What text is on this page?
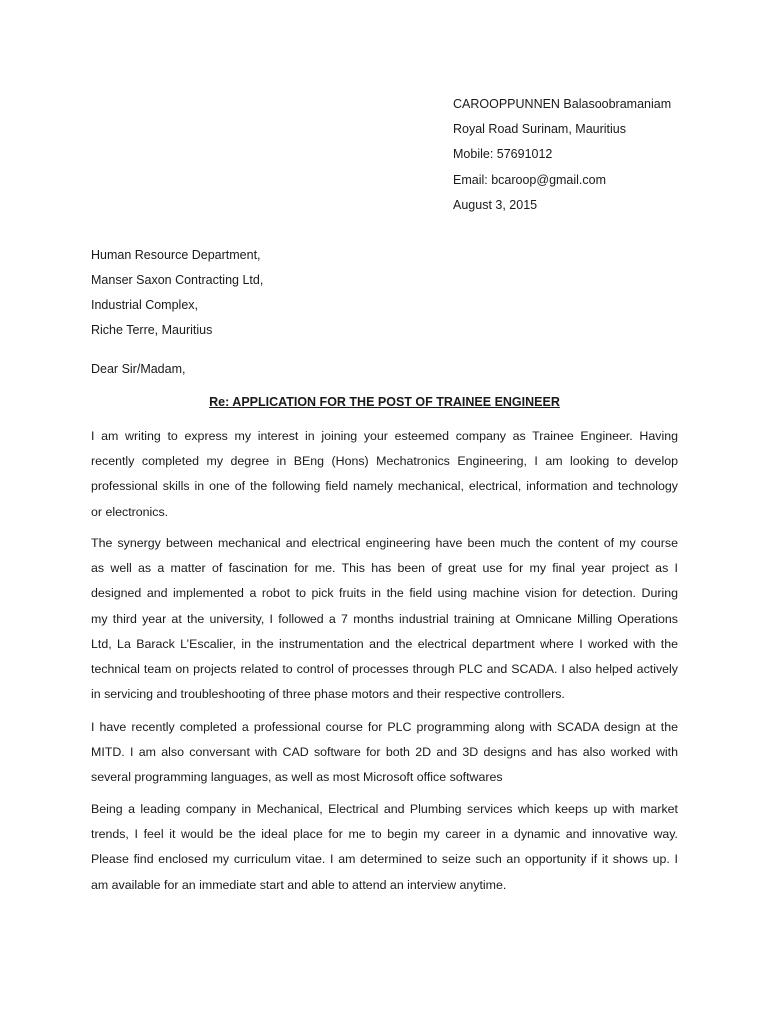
CAROOPPUNNEN Balasoobramaniam
Royal Road Surinam, Mauritius
Mobile: 57691012
Email: bcaroop@gmail.com
August 3, 2015
Human Resource Department,
Manser Saxon Contracting Ltd,
Industrial Complex,
Riche Terre, Mauritius
Dear Sir/Madam,
Re: APPLICATION FOR THE POST OF TRAINEE ENGINEER
I am writing to express my interest in joining your esteemed company as Trainee Engineer. Having
recently completed my degree in BEng (Hons) Mechatronics Engineering, I am looking to develop
professional skills in one of the following field namely mechanical, electrical, information and technology
or electronics.
The synergy between mechanical and electrical engineering have been much the content of my course
as well as a matter of fascination for me. This has been of great use for my final year project as I
designed and implemented a robot to pick fruits in the field using machine vision for detection. During
my third year at the university, I followed a 7 months industrial training at Omnicane Milling Operations
Ltd, La Barack L’Escalier, in the instrumentation and the electrical department where I worked with the
technical team on projects related to control of processes through PLC and SCADA. I also helped actively
in servicing and troubleshooting of three phase motors and their respective controllers.
I have recently completed a professional course for PLC programming along with SCADA design at the
MITD. I am also conversant with CAD software for both 2D and 3D designs and has also worked with
several programming languages, as well as most Microsoft office softwares
Being a leading company in Mechanical, Electrical and Plumbing services which keeps up with market
trends, I feel it would be the ideal place for me to begin my career in a dynamic and innovative way.
Please find enclosed my curriculum vitae. I am determined to seize such an opportunity if it shows up. I
am available for an immediate start and able to attend an interview anytime.
